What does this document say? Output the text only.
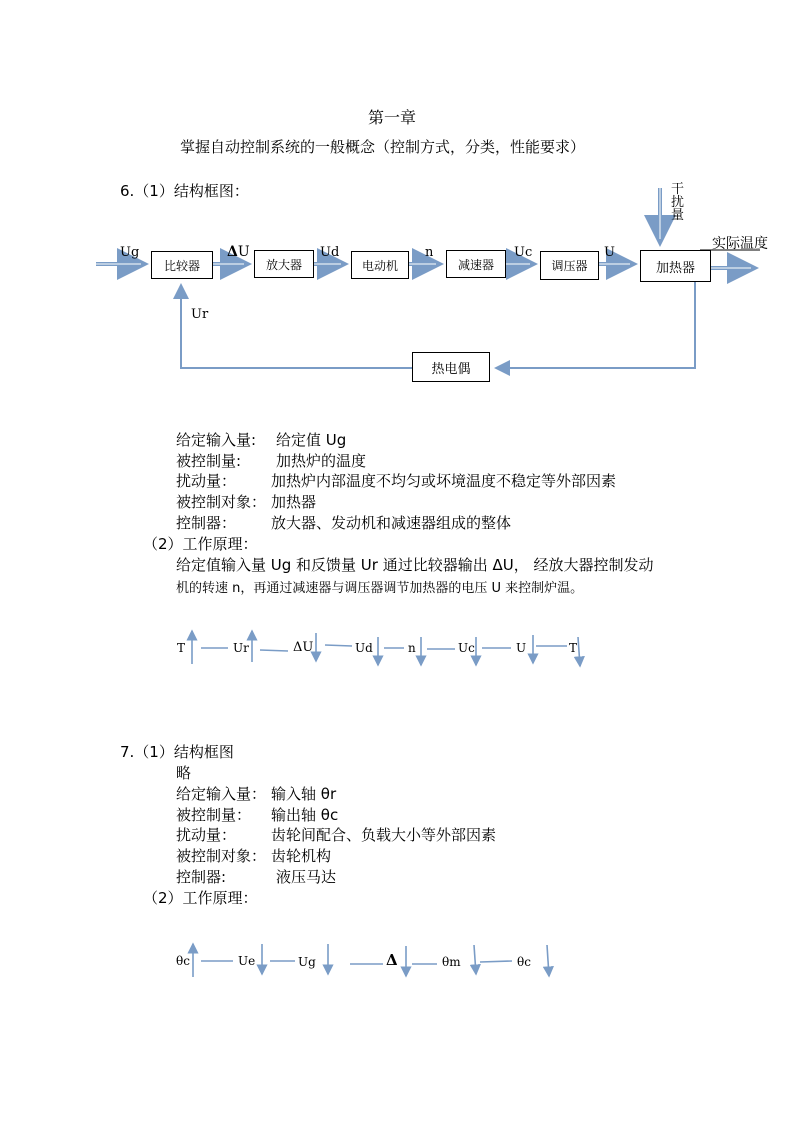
第一章
掌握自动控制系统的一般概念（控制方式，分类，性能要求）
6.（1）结构框图：
比较器	放大器	电动机	减速器	调压器	加热器
热电偶
Ug	ΔU	Ud	n	Uc	U
Ur
干扰量
实际温度
给定输入量: 给定值 Ug
被控制量: 加热炉的温度
扰动量： 加热炉内部温度不均匀或坏境温度不稳定等外部因素
被控制对象： 加热器
控制器： 放大器、发动机和减速器组成的整体
（2）工作原理：
给定值输入量 Ug 和反馈量 Ur 通过比较器输出 ΔU， 经放大器控制发动
机的转速 n，再通过减速器与调压器调节加热器的电压 U 来控制炉温。
T	Ur	ΔU	Ud	n	Uc	U	T
7.（1）结构框图
略
给定输入量： 输入轴 θr
被控制量： 输出轴 θc
扰动量： 齿轮间配合、负载大小等外部因素
被控制对象： 齿轮机构
控制器:	液压马达
（2）工作原理：
θc	Ue	Ug	Δ	θm	θc
